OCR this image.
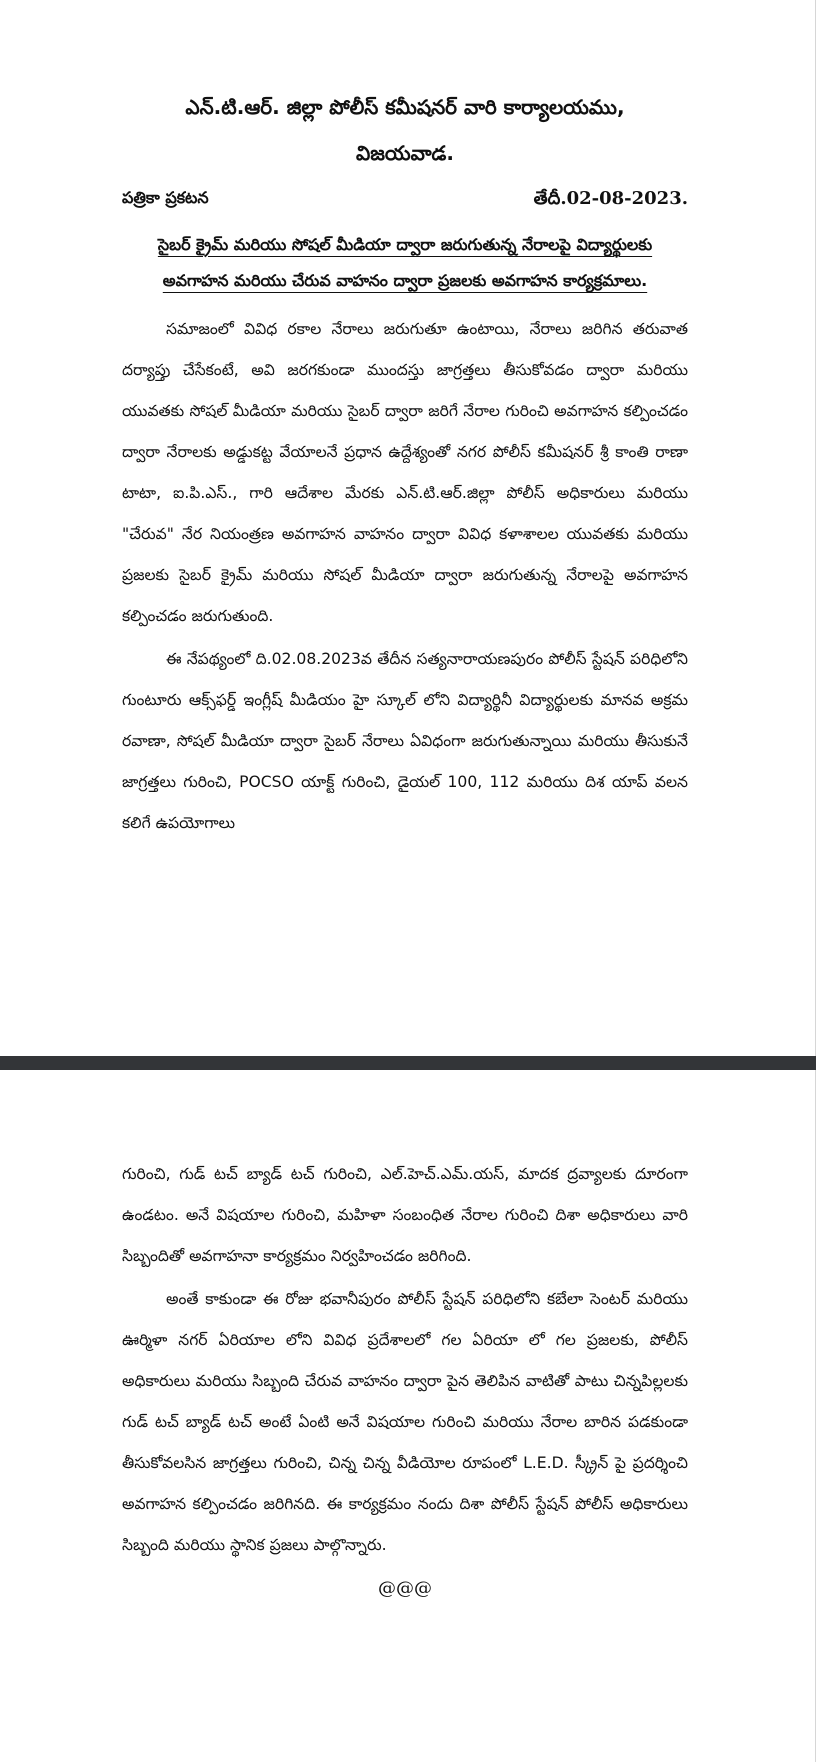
ఎన్.టి.ఆర్. జిల్లా పోలీస్ కమీషనర్ వారి కార్యాలయము,

విజయవాడ.

పత్రికా ప్రకటన	తేదీ.02-08-2023.
సైబర్ క్రైమ్ మరియు సోషల్ మీడియా ద్వారా జరుగుతున్న నేరాలపై విద్యార్థులకు
అవగాహన మరియు చేరువ వాహనం ద్వారా ప్రజలకు అవగాహన కార్యక్రమాలు.

సమాజంలో వివిధ రకాల నేరాలు జరుగుతూ ఉంటాయి, నేరాలు జరిగిన తరువాత దర్యాప్తు చేసేకంటే, అవి జరగకుండా ముందస్తు జాగ్రత్తలు తీసుకోవడం ద్వారా మరియు యువతకు సోషల్ మీడియా మరియు సైబర్ ద్వారా జరిగే నేరాల గురించి అవగాహన కల్పించడం ద్వారా నేరాలకు అడ్డుకట్ట వేయాలనే ప్రధాన ఉద్దేశ్యంతో నగర పోలీస్ కమీషనర్ శ్రీ కాంతి రాణా టాటా, ఐ.పి.ఎస్., గారి ఆదేశాల మేరకు ఎన్.టి.ఆర్.జిల్లా పోలీస్ అధికారులు మరియు "చేరువ" నేర నియంత్రణ అవగాహన వాహనం ద్వారా వివిధ కళాశాలల యువతకు మరియు ప్రజలకు సైబర్ క్రైమ్ మరియు సోషల్ మీడియా ద్వారా జరుగుతున్న నేరాలపై అవగాహన కల్పించడం జరుగుతుంది.

ఈ నేపథ్యంలో ది.02.08.2023వ తేదీన సత్యనారాయణపురం పోలీస్ స్టేషన్ పరిధిలోని గుంటూరు ఆక్స్‌ఫర్డ్ ఇంగ్లీష్ మీడియం హై స్కూల్ లోని విద్యార్థినీ విద్యార్థులకు మానవ అక్రమ రవాణా, సోషల్ మీడియా ద్వారా సైబర్ నేరాలు ఏవిధంగా జరుగుతున్నాయి మరియు తీసుకునే జాగ్రత్తలు గురించి, POCSO యాక్ట్ గురించి, డైయల్ 100, 112 మరియు దిశ యాప్ వలన కలిగే ఉపయోగాలు

గురించి, గుడ్ టచ్ బ్యాడ్ టచ్ గురించి, ఎల్.హెచ్.ఎమ్.యస్, మాదక ద్రవ్యాలకు దూరంగా ఉండటం. అనే విషయాల గురించి, మహిళా సంబంధిత నేరాల గురించి దిశా అధికారులు వారి సిబ్బందితో అవగాహనా కార్యక్రమం నిర్వహించడం జరిగింది.

అంతే కాకుండా ఈ రోజు భవానీపురం పోలీస్ స్టేషన్ పరిధిలోని కబేలా సెంటర్ మరియు ఊర్మిళా నగర్ ఏరియాల లోని వివిధ ప్రదేశాలలో గల ఏరియా లో గల ప్రజలకు, పోలీస్ అధికారులు మరియు సిబ్బంది చేరువ వాహనం ద్వారా పైన తెలిపిన వాటితో పాటు చిన్నపిల్లలకు గుడ్ టచ్ బ్యాడ్ టచ్ అంటే ఏంటి అనే విషయాల గురించి మరియు నేరాల బారిన పడకుండా తీసుకోవలసిన జాగ్రత్తలు గురించి, చిన్న చిన్న వీడియోల రూపంలో L.E.D. స్క్రీన్ పై ప్రదర్శించి అవగాహన కల్పించడం జరిగినది. ఈ కార్యక్రమం నందు దిశా పోలీస్ స్టేషన్ పోలీస్ అధికారులు సిబ్బంది మరియు స్థానిక ప్రజలు పాల్గొన్నారు.

@@@
